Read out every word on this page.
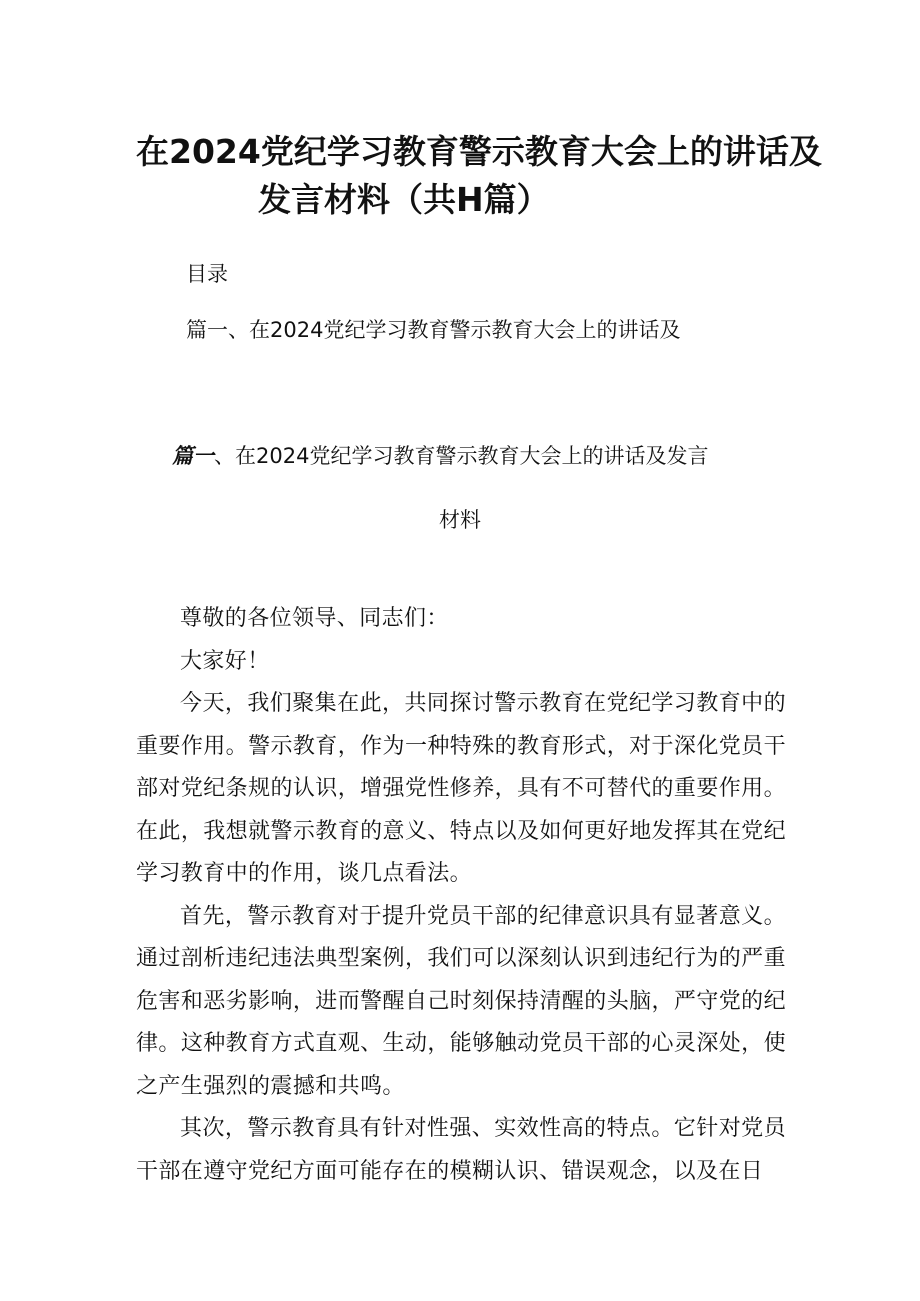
在2024党纪学习教育警示教育大会上的讲话及
发言材料（共H篇）
目录
篇一、在2024党纪学习教育警示教育大会上的讲话及
篇一、在2024党纪学习教育警示教育大会上的讲话及发言
材料

尊敬的各位领导、同志们：

大家好！

今天，我们聚集在此，共同探讨警示教育在党纪学习教育中的重要作用。警示教育，作为一种特殊的教育形式，对于深化党员干部对党纪条规的认识，增强党性修养，具有不可替代的重要作用。在此，我想就警示教育的意义、特点以及如何更好地发挥其在党纪学习教育中的作用，谈几点看法。

首先，警示教育对于提升党员干部的纪律意识具有显著意义。通过剖析违纪违法典型案例，我们可以深刻认识到违纪行为的严重危害和恶劣影响，进而警醒自己时刻保持清醒的头脑，严守党的纪律。这种教育方式直观、生动，能够触动党员干部的心灵深处，使之产生强烈的震撼和共鸣。

其次，警示教育具有针对性强、实效性高的特点。它针对党员干部在遵守党纪方面可能存在的模糊认识、错误观念，以及在日
